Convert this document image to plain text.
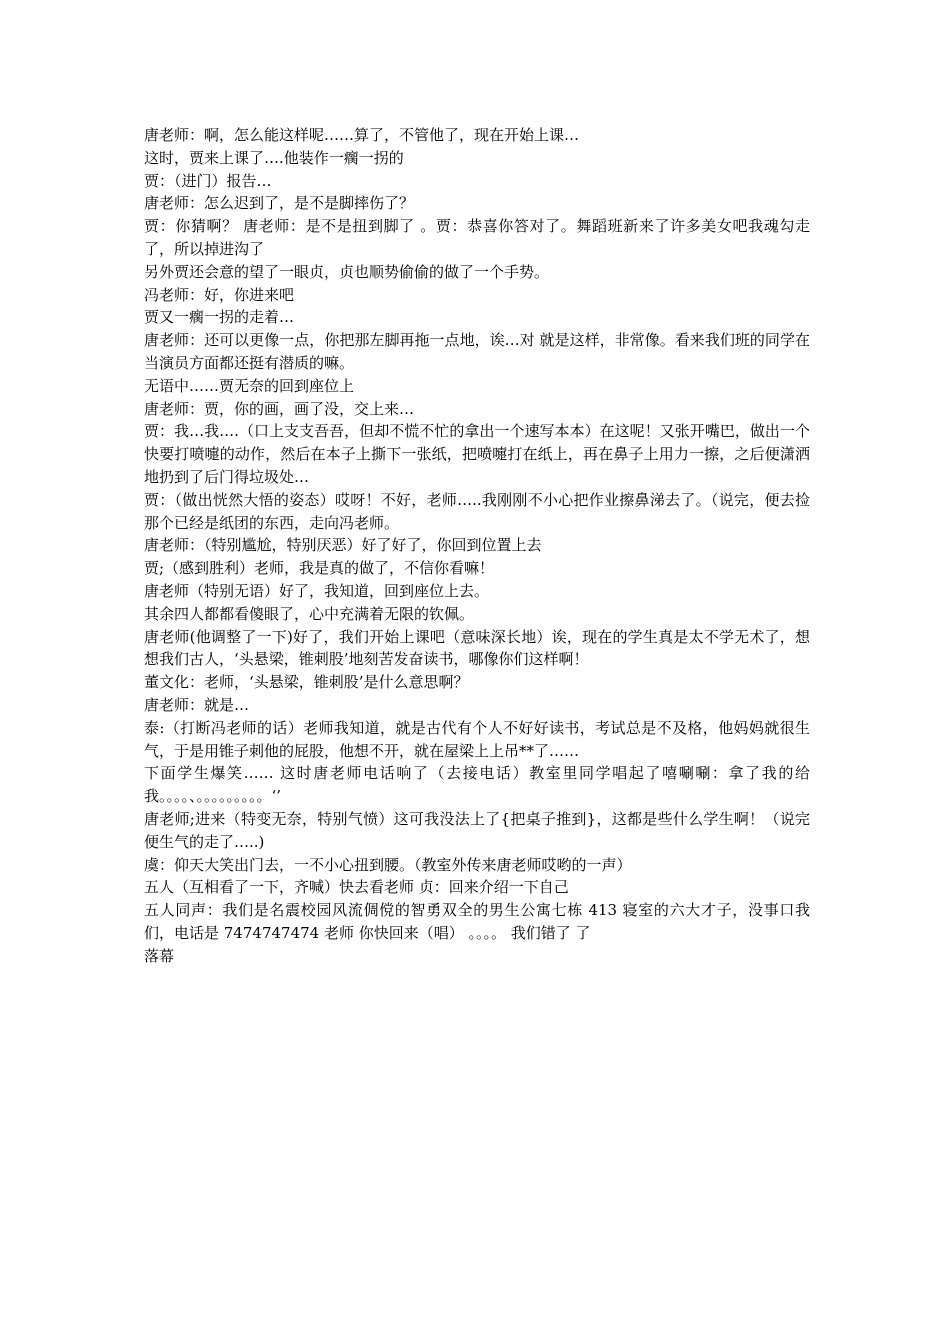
唐老师：啊，怎么能这样呢……算了，不管他了，现在开始上课…

这时，贾来上课了….他装作一瘸一拐的

贾：（进门）报告…

唐老师：怎么迟到了，是不是脚摔伤了？

贾：你猜啊？ 唐老师：是不是扭到脚了 。贾：恭喜你答对了。舞蹈班新来了许多美女吧我魂勾走了，所以掉进沟了

另外贾还会意的望了一眼贞，贞也顺势偷偷的做了一个手势。

冯老师：好，你进来吧

贾又一瘸一拐的走着…

唐老师：还可以更像一点，你把那左脚再拖一点地，诶…对 就是这样，非常像。看来我们班的同学在当演员方面都还挺有潜质的嘛。

无语中……贾无奈的回到座位上

唐老师：贾，你的画，画了没，交上来…

贾：我…我….（口上支支吾吾，但却不慌不忙的拿出一个速写本本）在这呢！又张开嘴巴，做出一个快要打喷嚏的动作，然后在本子上撕下一张纸，把喷嚏打在纸上，再在鼻子上用力一擦，之后便潇洒地扔到了后门得垃圾处…

贾：（做出恍然大悟的姿态）哎呀！不好，老师…..我刚刚不小心把作业擦鼻涕去了。（说完，便去捡那个已经是纸团的东西，走向冯老师。

唐老师：（特别尴尬，特别厌恶）好了好了，你回到位置上去

贾;（感到胜利）老师，我是真的做了，不信你看嘛！

唐老师（特别无语）好了，我知道，回到座位上去。

其余四人都都看傻眼了，心中充满着无限的钦佩。

唐老师(他调整了一下)好了，我们开始上课吧（意味深长地）诶，现在的学生真是太不学无术了，想想我们古人，‘头悬梁，锥刺股’地刻苦发奋读书，哪像你们这样啊！

董文化：老师，‘头悬梁，锥刺股’是什么意思啊？

唐老师：就是…

泰:（打断冯老师的话）老师我知道，就是古代有个人不好好读书，考试总是不及格，他妈妈就很生气，于是用锥子刺他的屁股，他想不开，就在屋梁上上吊**了……

下面学生爆笑…… 这时唐老师电话响了（去接电话）教室里同学唱起了嘻唰唰：拿了我的给我。。。。、。。。。。。。。。‘’

唐老师;进来（特变无奈，特别气愤）这可我没法上了{把桌子推到}，这都是些什么学生啊！（说完便生气的走了…..)

虞：仰天大笑出门去，一不小心扭到腰。（教室外传来唐老师哎哟的一声）

五人（互相看了一下，齐喊）快去看老师 贞：回来介绍一下自己

五人同声：我们是名震校园风流倜傥的智勇双全的男生公寓七栋 413 寝室的六大才子，没事口我们，电话是 7474747474 老师 你快回来（唱） 。。。。 我们错了 了

落幕
